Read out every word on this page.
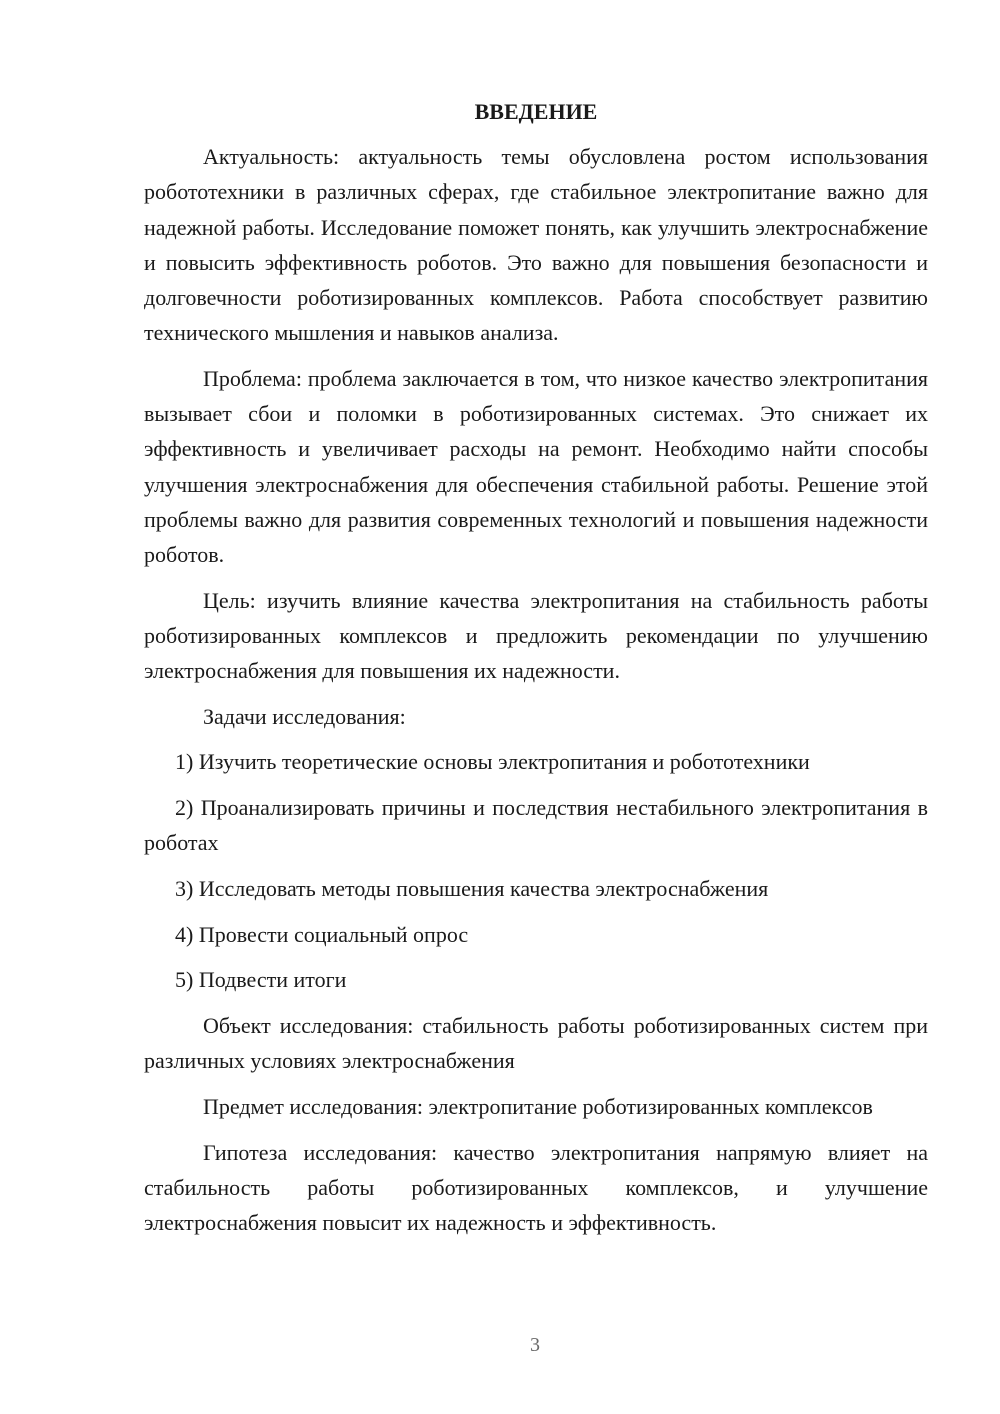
ВВЕДЕНИЕ

Актуальность: актуальность темы обусловлена ростом использования робототехники в различных сферах, где стабильное электропитание важно для надежной работы. Исследование поможет понять, как улучшить электроснабжение и повысить эффективность роботов. Это важно для повышения безопасности и долговечности роботизированных комплексов. Работа способствует развитию технического мышления и навыков анализа.

Проблема: проблема заключается в том, что низкое качество электропитания вызывает сбои и поломки в роботизированных системах. Это снижает их эффективность и увеличивает расходы на ремонт. Необходимо найти способы улучшения электроснабжения для обеспечения стабильной работы. Решение этой проблемы важно для развития современных технологий и повышения надежности роботов.

Цель: изучить влияние качества электропитания на стабильность работы роботизированных комплексов и предложить рекомендации по улучшению электроснабжения для повышения их надежности.

Задачи исследования:

1) Изучить теоретические основы электропитания и робототехники

2) Проанализировать причины и последствия нестабильного электропитания в роботах

3) Исследовать методы повышения качества электроснабжения

4) Провести социальный опрос

5) Подвести итоги

Объект исследования: стабильность работы роботизированных систем при различных условиях электроснабжения

Предмет исследования: электропитание роботизированных комплексов

Гипотеза исследования: качество электропитания напрямую влияет на стабильность работы роботизированных комплексов, и улучшение электроснабжения повысит их надежность и эффективность.

3
